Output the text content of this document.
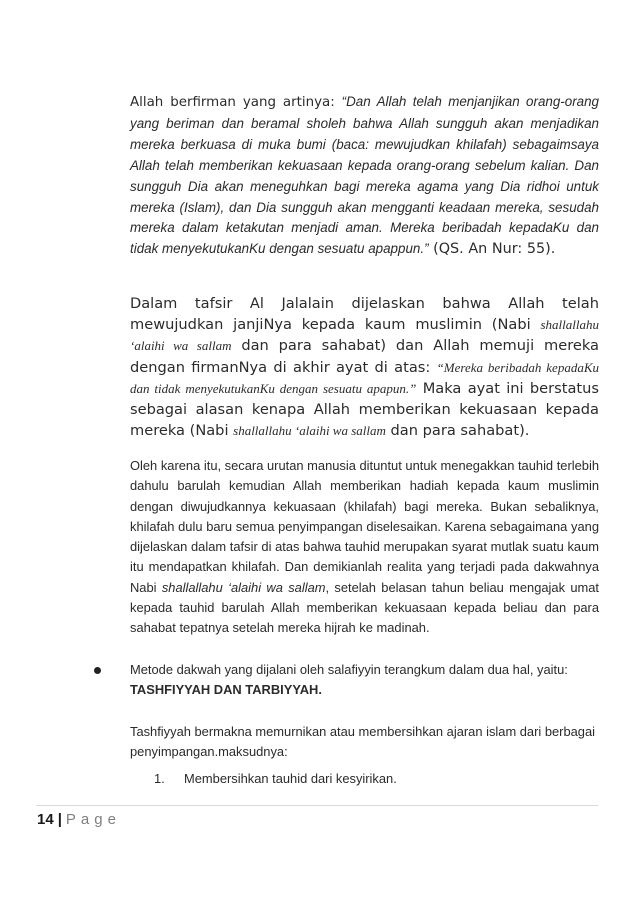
Allah berfirman yang artinya: “Dan Allah telah menjanjikan orang-orang yang beriman dan beramal sholeh bahwa Allah sungguh akan menjadikan mereka berkuasa di muka bumi (baca: mewujudkan khilafah) sebagaimsaya Allah telah memberikan kekuasaan kepada orang-orang sebelum kalian. Dan sungguh Dia akan meneguhkan bagi mereka agama yang Dia ridhoi untuk mereka (Islam), dan Dia sungguh akan mengganti keadaan mereka, sesudah mereka dalam ketakutan menjadi aman. Mereka beribadah kepadaKu dan tidak menyekutukanKu dengan sesuatu apappun.” (QS. An Nur: 55).
Dalam tafsir Al Jalalain dijelaskan bahwa Allah telah mewujudkan janjiNya kepada kaum muslimin (Nabi shallallahu ‘alaihi wa sallam dan para sahabat) dan Allah memuji mereka dengan firmanNya di akhir ayat di atas: “Mereka beribadah kepadaKu dan tidak menyekutukanKu dengan sesuatu apapun.” Maka ayat ini berstatus sebagai alasan kenapa Allah memberikan kekuasaan kepada mereka (Nabi shallallahu ‘alaihi wa sallam dan para sahabat).
Oleh karena itu, secara urutan manusia dituntut untuk menegakkan tauhid terlebih dahulu barulah kemudian Allah memberikan hadiah kepada kaum muslimin dengan diwujudkannya kekuasaan (khilafah) bagi mereka. Bukan sebaliknya, khilafah dulu baru semua penyimpangan diselesaikan. Karena sebagaimana yang dijelaskan dalam tafsir di atas bahwa tauhid merupakan syarat mutlak suatu kaum itu mendapatkan khilafah. Dan demikianlah realita yang terjadi pada dakwahnya Nabi shallallahu ‘alaihi wa sallam, setelah belasan tahun beliau mengajak umat kepada tauhid barulah Allah memberikan kekuasaan kepada beliau dan para sahabat tepatnya setelah mereka hijrah ke madinah.
Metode dakwah yang dijalani oleh salafiyyin terangkum dalam dua hal, yaitu: TASHFIYYAH DAN TARBIYYAH.
Tashfiyyah bermakna memurnikan atau membersihkan ajaran islam dari berbagai penyimpangan.maksudnya:
1. Membersihkan tauhid dari kesyirikan.
14 | Page
